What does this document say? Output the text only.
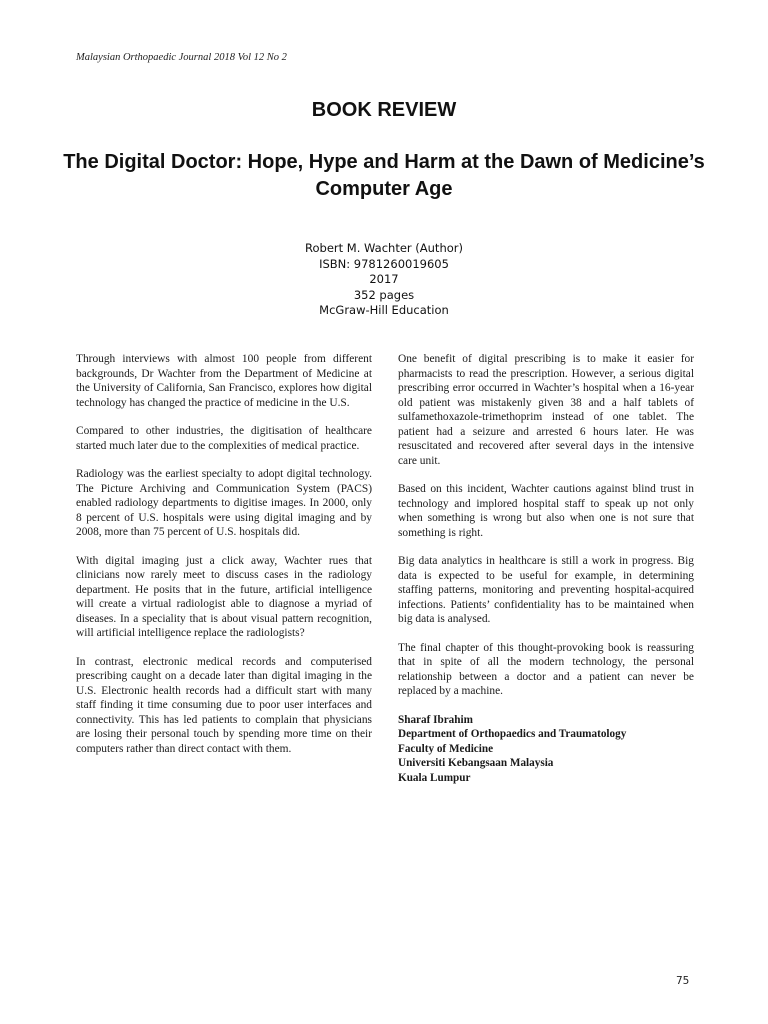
Malaysian Orthopaedic Journal 2018 Vol 12 No 2
BOOK REVIEW
The Digital Doctor: Hope, Hype and Harm at the Dawn of Medicine’s Computer Age
Robert M. Wachter (Author)
ISBN: 9781260019605
2017
352 pages
McGraw-Hill Education

Through interviews with almost 100 people from different backgrounds, Dr Wachter from the Department of Medicine at the University of California, San Francisco, explores how digital technology has changed the practice of medicine in the U.S.

Compared to other industries, the digitisation of healthcare started much later due to the complexities of medical practice.

Radiology was the earliest specialty to adopt digital technology. The Picture Archiving and Communication System (PACS) enabled radiology departments to digitise images. In 2000, only 8 percent of U.S. hospitals were using digital imaging and by 2008, more than 75 percent of U.S. hospitals did.

With digital imaging just a click away, Wachter rues that clinicians now rarely meet to discuss cases in the radiology department. He posits that in the future, artificial intelligence will create a virtual radiologist able to diagnose a myriad of diseases. In a speciality that is about visual pattern recognition, will artificial intelligence replace the radiologists?

In contrast, electronic medical records and computerised prescribing caught on a decade later than digital imaging in the U.S. Electronic health records had a difficult start with many staff finding it time consuming due to poor user interfaces and connectivity. This has led patients to complain that physicians are losing their personal touch by spending more time on their computers rather than direct contact with them.

One benefit of digital prescribing is to make it easier for pharmacists to read the prescription. However, a serious digital prescribing error occurred in Wachter’s hospital when a 16-year old patient was mistakenly given 38 and a half tablets of sulfamethoxazole-trimethoprim instead of one tablet. The patient had a seizure and arrested 6 hours later. He was resuscitated and recovered after several days in the intensive care unit.

Based on this incident, Wachter cautions against blind trust in technology and implored hospital staff to speak up not only when something is wrong but also when one is not sure that something is right.

Big data analytics in healthcare is still a work in progress. Big data is expected to be useful for example, in determining staffing patterns, monitoring and preventing hospital-acquired infections. Patients’ confidentiality has to be maintained when big data is analysed.

The final chapter of this thought-provoking book is reassuring that in spite of all the modern technology, the personal relationship between a doctor and a patient can never be replaced by a machine.

Sharaf Ibrahim
Department of Orthopaedics and Traumatology
Faculty of Medicine
Universiti Kebangsaan Malaysia
Kuala Lumpur
75
